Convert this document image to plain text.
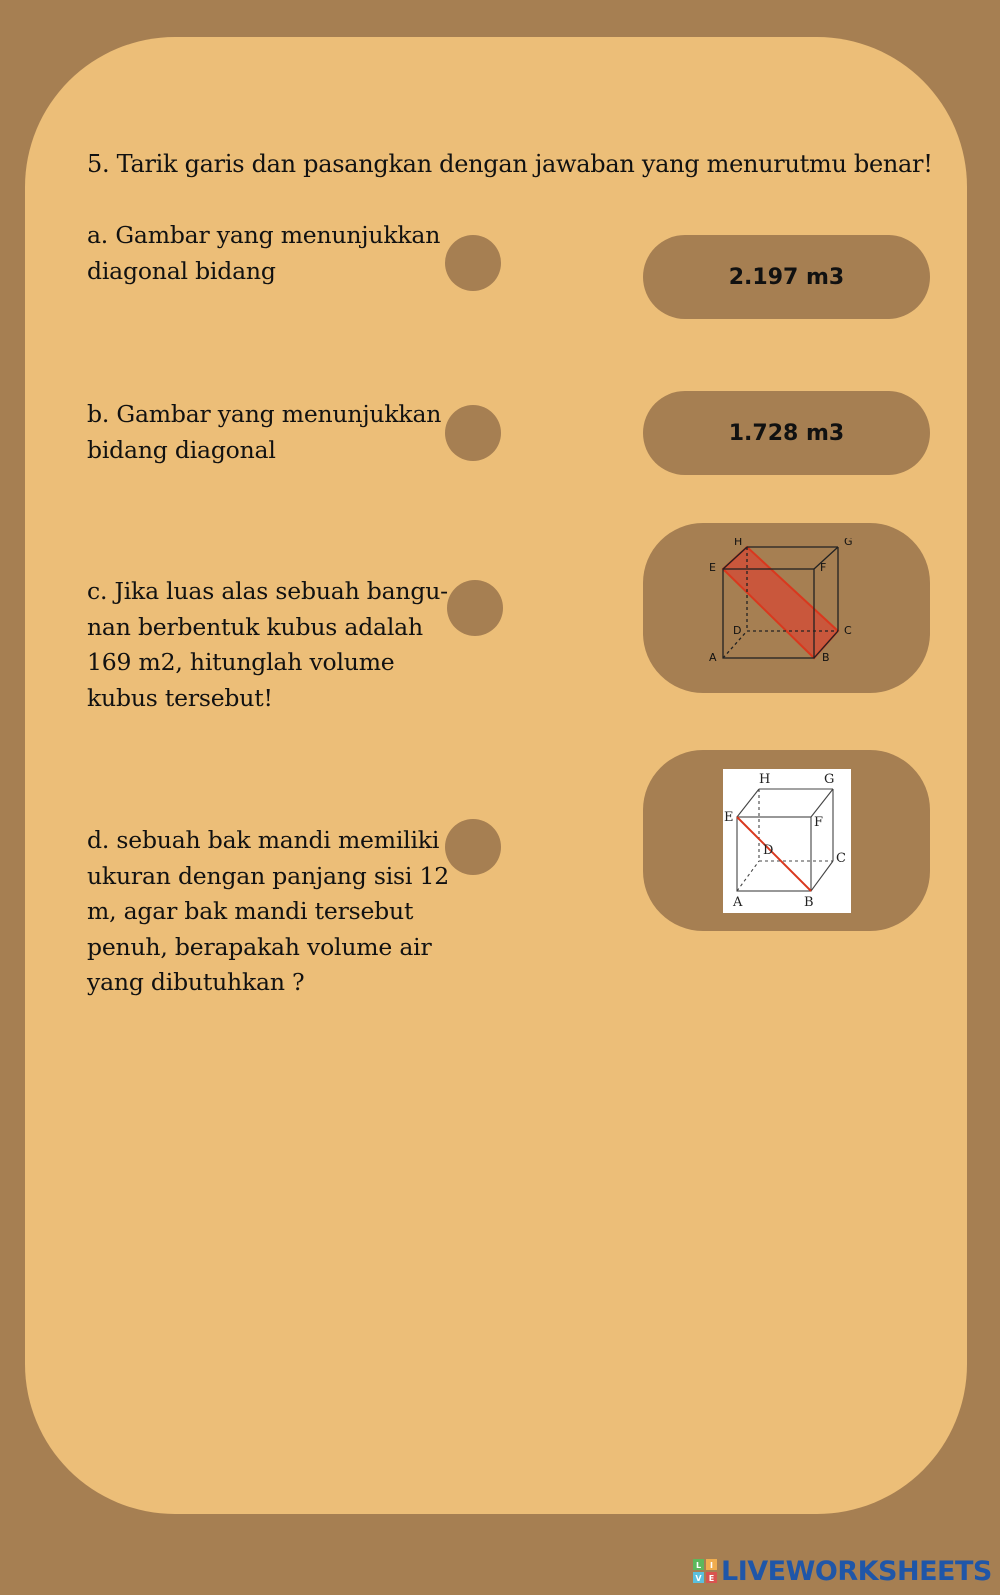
5. Tarik garis dan pasangkan dengan jawaban yang menurutmu benar!
a. Gambar yang menunjukkan
diagonal bidang
b. Gambar yang menunjukkan
bidang diagonal
c. Jika luas alas sebuah bangu-
nan berbentuk kubus adalah
169 m2, hitunglah volume
kubus tersebut!
d. sebuah bak mandi memiliki
ukuran dengan panjang sisi 12
m, agar bak mandi tersebut
penuh, berapakah volume air
yang dibutuhkan ?
2.197 m3
1.728 m3
H	G
E	F
D	C
A	B
H	G
E	F
D
C
A	B
L I
V E LIVEWORKSHEETS
